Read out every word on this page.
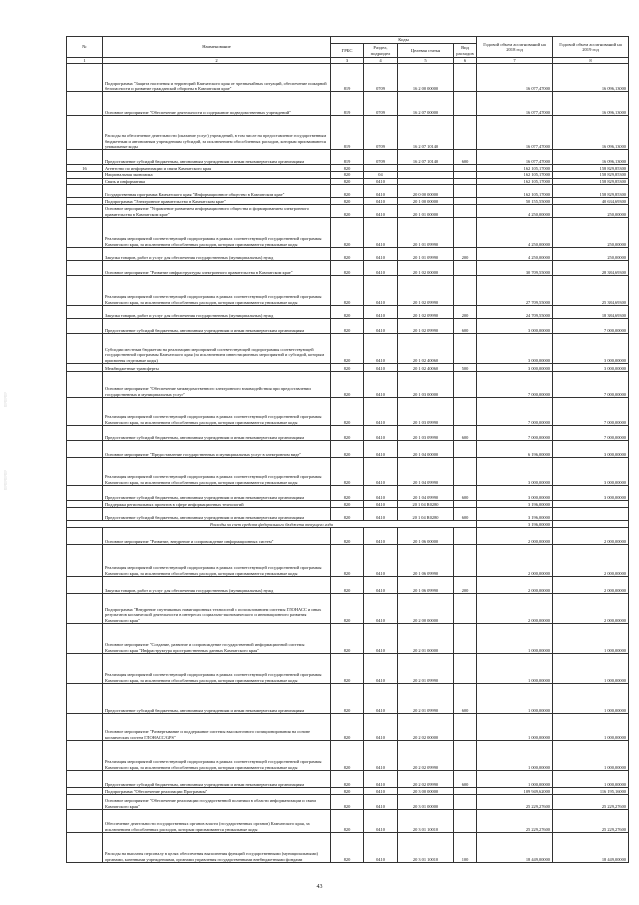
░
░
░
░
░
░
░
№	Наименование	Коды				Годовой объем ассигнований на 2018 год	Годовой объем ассигнований на 2019 год
		ГРБС	Раздел, подраздел	Целевая статья	Вид расходов		
1	2	3	4	5	6	7	8
	Подпрограмма "Защита населения и территорий Камчатского края от чрезвычайных ситуаций, обеспечение пожарной безопасности и развитие гражданской обороны в Камчатском крае"	819	0709	16 2 00 00000		16 077,47000	16 096,13000
	Основное мероприятие "Обеспечение деятельности и содержание подведомственных учреждений"	819	0709	16 2 07 00000		16 077,47000	16 096,13000
	Расходы на обеспечение деятельности (оказание услуг) учреждений, в том числе на предоставление государственным бюджетным и автономным учреждениям субсидий, за исключением обособленных расходов, которым присваиваются уникальные коды	819	0709	16 2 07 10140		16 077,47000	16 096,13000
	Предоставление субсидий бюджетным, автономным учреждениям и иным некоммерческим организациям	819	0709	16 2 07 10140	600	16 077,47000	16 096,13000
16	Агентство по информатизации и связи Камчатского края	820				162 105,17000	158 829,85300
	Национальная экономика	820	04			162 105,17000	158 829,85300
	Связь и информатика	820	0410			162 105,17000	158 829,85300
	Государственная программа Камчатского края "Информационное общество в Камчатском крае"	820	0410	20 0 00 00000		162 105,17000	158 829,85300
	Подпрограмма "Электронное правительство в Камчатском крае"	820	0410	20 1 00 00000		50 155,55000	40 634,69300
	Основное мероприятие "Управление развитием информационного общества и формированием электронного правительства в Камчатском крае"	820	0410	20 1 01 00000		4 250,00000	250,00000
	Реализация мероприятий соответствующей подпрограммы в рамках соответствующей государственной программы Камчатского края, за исключением обособленных расходов, которым присваиваются уникальные коды	820	0410	20 1 01 09990		4 250,00000	250,00000
	Закупка товаров, работ и услуг для обеспечения государственных (муниципальных) нужд	820	0410	20 1 01 09990	200	4 250,00000	250,00000
	Основное мероприятие "Развитие инфраструктуры электронного правительства в Камчатском крае"	820	0410	20 1 02 00000		30 709,55000	28 384,69300
	Реализация мероприятий соответствующей подпрограммы в рамках соответствующей государственной программы Камчатского края, за исключением обособленных расходов, которым присваиваются уникальные коды	820	0410	20 1 02 09990		27 709,55000	25 384,69300
	Закупка товаров, работ и услуг для обеспечения государственных (муниципальных) нужд	820	0410	20 1 02 09990	200	24 709,55000	18 384,69300
	Предоставление субсидий бюджетным, автономным учреждениям и иным некоммерческим организациям	820	0410	20 1 02 09990	600	3 000,00000	7 000,00000
	Субсидии местным бюджетам на реализацию мероприятий соответствующей подпрограммы соответствующей государственной программы Камчатского края (за исключением инвестиционных мероприятий и субсидий, которым присвоены отдельные коды)	820	0410	20 1 02 40060		3 000,00000	3 000,00000
	Межбюджетные трансферты	820	0410	20 1 02 40060	500	3 000,00000	3 000,00000
	Основное мероприятие "Обеспечение межведомственного электронного взаимодействия при предоставлении государственных и муниципальных услуг"	820	0410	20 1 03 00000		7 000,00000	7 000,00000
	Реализация мероприятий соответствующей подпрограммы в рамках соответствующей государственной программы Камчатского края, за исключением обособленных расходов, которым присваиваются уникальные коды	820	0410	20 1 03 09990		7 000,00000	7 000,00000
	Предоставление субсидий бюджетным, автономным учреждениям и иным некоммерческим организациям	820	0410	20 1 03 09990	600	7 000,00000	7 000,00000
	Основное мероприятие "Предоставление государственных и муниципальных услуг в электронном виде"	820	0410	20 1 04 00000		6 196,00000	3 000,00000
	Реализация мероприятий соответствующей подпрограммы в рамках соответствующей государственной программы Камчатского края, за исключением обособленных расходов, которым присваиваются уникальные коды	820	0410	20 1 04 09990		3 000,00000	3 000,00000
	Предоставление субсидий бюджетным, автономным учреждениям и иным некоммерческим организациям	820	0410	20 1 04 09990	600	3 000,00000	3 000,00000
	Поддержка региональных проектов в сфере информационных технологий	820	0410	20 1 04 R0280		3 196,00000	
	Предоставление субсидий бюджетным, автономным учреждениям и иным некоммерческим организациям	820	0410	20 1 04 R0280	600	3 196,00000	
Расходы за счет средств федерального бюджета текущего года						3 196,00000	
	Основное мероприятие "Развитие, внедрение и сопровождение информационных систем"	820	0410	20 1 06 00000		2 000,00000	2 000,00000
	Реализация мероприятий соответствующей подпрограммы в рамках соответствующей государственной программы Камчатского края, за исключением обособленных расходов, которым присваиваются уникальные коды	820	0410	20 1 06 09990		2 000,00000	2 000,00000
	Закупка товаров, работ и услуг для обеспечения государственных (муниципальных) нужд	820	0410	20 1 06 09990	200	2 000,00000	2 000,00000
	Подпрограмма "Внедрение спутниковых навигационных технологий с использованием системы ГЛОНАСС и иных результатов космической деятельности в интересах социально-экономического и инновационного развития Камчатского края"	820	0410	20 2 00 00000		2 000,00000	2 000,00000
	Основное мероприятие "Создание, развитие и сопровождение государственной информационной системы Камчатского края "Инфраструктура пространственных данных Камчатского края"	820	0410	20 2 01 00000		1 000,00000	1 000,00000
	Реализация мероприятий соответствующей подпрограммы в рамках соответствующей государственной программы Камчатского края, за исключением обособленных расходов, которым присваиваются уникальные коды	820	0410	20 2 01 09990		1 000,00000	1 000,00000
	Предоставление субсидий бюджетным, автономным учреждениям и иным некоммерческим организациям	820	0410	20 2 01 09990	600	1 000,00000	1 000,00000
	Основное мероприятие "Развертывание и поддержание системы высокоточного позиционирования на основе космических систем ГЛОНАСС/GPS"	820	0410	20 2 02 00000		1 000,00000	1 000,00000
	Реализация мероприятий соответствующей подпрограммы в рамках соответствующей государственной программы Камчатского края, за исключением обособленных расходов, которым присваиваются уникальные коды	820	0410	20 2 02 09990		1 000,00000	1 000,00000
	Предоставление субсидий бюджетным, автономным учреждениям и иным некоммерческим организациям	820	0410	20 2 02 09990	600	1 000,00000	1 000,00000
	Подпрограмма "Обеспечение реализации Программы"	820	0410	20 3 00 00000		109 949,62000	116 195,16000
	Основное мероприятие "Обеспечение реализации государственной политики в области информатизации и связи Камчатского края"	820	0410	20 3 01 00000		25 229,27600	25 229,27600
	Обеспечение деятельности государственных органов власти (государственных органов) Камчатского края, за исключением обособленных расходов, которым присваиваются уникальные коды	820	0410	20 3 01 10010		25 229,27600	25 229,27600
	Расходы на выплаты персоналу в целях обеспечения выполнения функций государственными (муниципальными) органами, казенными учреждениями, органами управления государственными внебюджетными фондами	820	0410	20 3 01 10010	100	18 449,00000	18 449,00000
43
